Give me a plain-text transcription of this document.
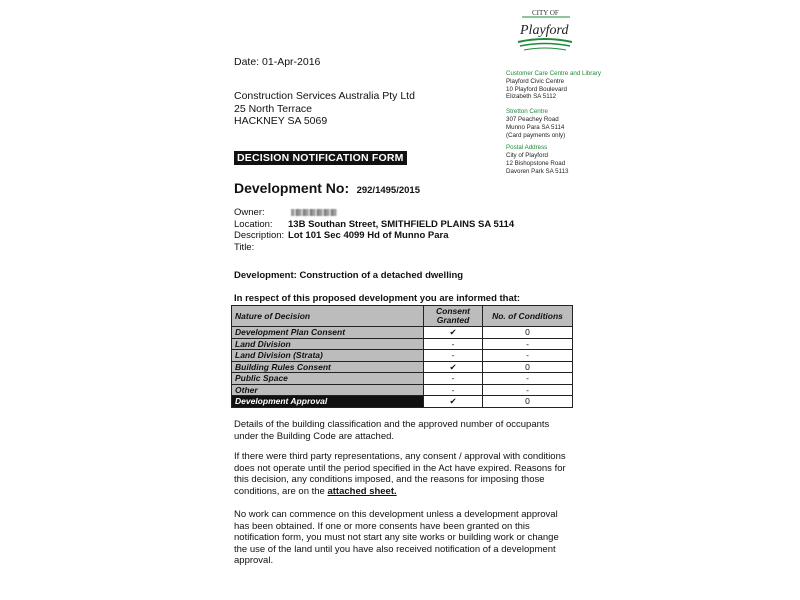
CITY OF
Playford
Date: 01-Apr-2016
Construction Services Australia Pty Ltd
25 North Terrace
HACKNEY SA 5069
Customer Care Centre and Library
Playford Civic Centre
10 Playford Boulevard
Elizabeth SA 5112
Stretton Centre
307 Peachey Road
Munno Para SA 5114
(Card payments only)
Postal Address
City of Playford
12 Bishopstone Road
Davoren Park SA 5113
DECISION NOTIFICATION FORM
Development No: 292/1495/2015
Owner:
Location: 13B Southan Street, SMITHFIELD PLAINS SA 5114
Description: Lot 101 Sec 4099 Hd of Munno Para
Title:
Development: Construction of a detached dwelling
In respect of this proposed development you are informed that:
Nature of Decision	Consent Granted	No. of Conditions
Development Plan Consent	✔	0
Land Division	-	-
Land Division (Strata)	-	-
Building Rules Consent	✔	0
Public Space	-	-
Other	-	-
Development Approval	✔	0

Details of the building classification and the approved number of occupants under the Building Code are attached.

If there were third party representations, any consent / approval with conditions does not operate until the period specified in the Act have expired. Reasons for this decision, any conditions imposed, and the reasons for imposing those conditions, are on the attached sheet.

No work can commence on this development unless a development approval has been obtained. If one or more consents have been granted on this notification form, you must not start any site works or building work or change the use of the land until you have also received notification of a development approval.
